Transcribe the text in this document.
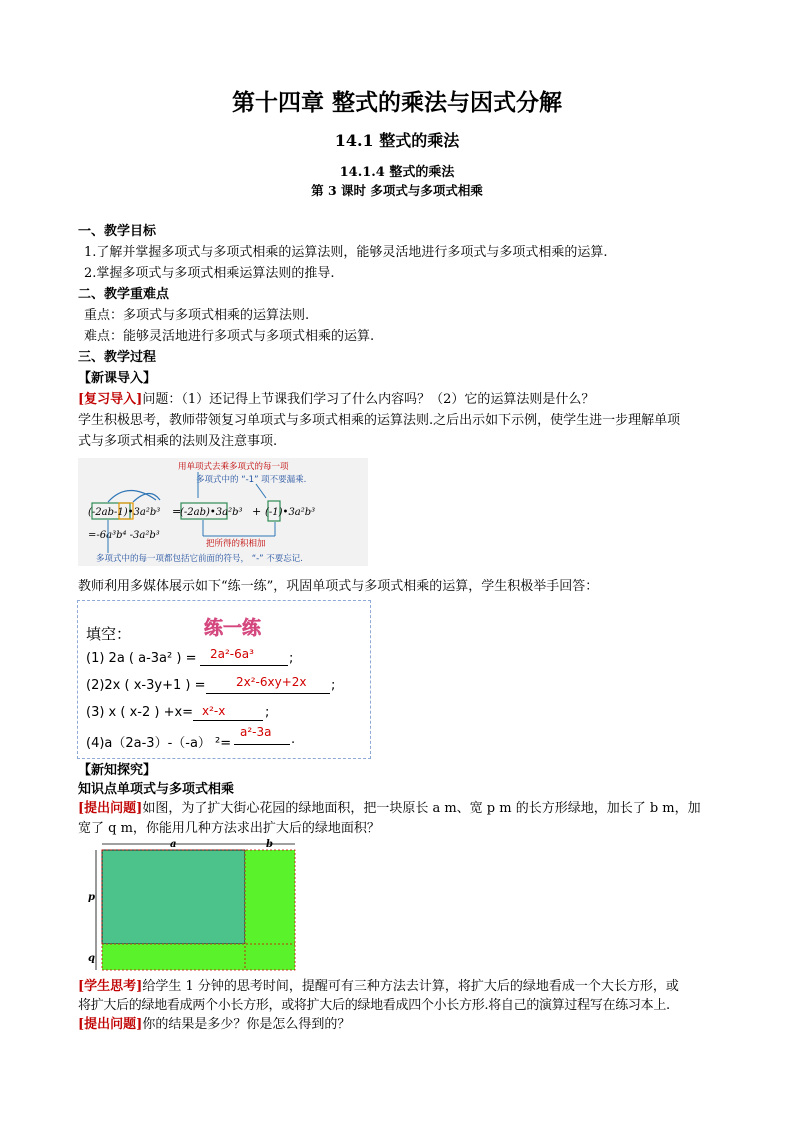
第十四章 整式的乘法与因式分解
14.1 整式的乘法
14.1.4 整式的乘法
第 3 课时 多项式与多项式相乘
一、教学目标
1.了解并掌握多项式与多项式相乘的运算法则，能够灵活地进行多项式与多项式相乘的运算.
2.掌握多项式与多项式相乘运算法则的推导.
二、教学重难点
重点：多项式与多项式相乘的运算法则.
难点：能够灵活地进行多项式与多项式相乘的运算.
三、教学过程
【新课导入】
[复习导入]问题：（1）还记得上节课我们学习了什么内容吗？（2）它的运算法则是什么？
学生积极思考，教师带领复习单项式与多项式相乘的运算法则.之后出示如下示例，使学生进一步理解单项
式与多项式相乘的法则及注意事项.
用单项式去乘多项式的每一项
多项式中的 “-1” 项不要漏乘.
(-2ab-1)•3a²b³ =
(-2ab)•3a²b³ + (-1)•3a²b³
=-6a³b⁴ -3a²b³
把所得的积相加
多项式中的每一项都包括它前面的符号， “-” 不要忘记.
教师利用多媒体展示如下“练一练”，巩固单项式与多项式相乘的运算，学生积极举手回答：
练一练
填空：
(1) 2a ( a-3a² ) = 2a²-6a³	;
(2)2x ( x-3y+1 ) =	2x²-6xy+2x ;
(3) x ( x-2 ) +x= x²-x	;
(4)a（2a-3）-（-a） ²=
a²-3a .
【新知探究】
知识点单项式与多项式相乘
[提出问题]如图，为了扩大街心花园的绿地面积，把一块原长 a m、宽 p m 的长方形绿地，加长了 b m，加
宽了 q m，你能用几种方法求出扩大后的绿地面积？
a	b
p
q
[学生思考]给学生 1 分钟的思考时间，提醒可有三种方法去计算，将扩大后的绿地看成一个大长方形，或
将扩大后的绿地看成两个小长方形，或将扩大后的绿地看成四个小长方形.将自己的演算过程写在练习本上.
[提出问题]你的结果是多少？你是怎么得到的？
